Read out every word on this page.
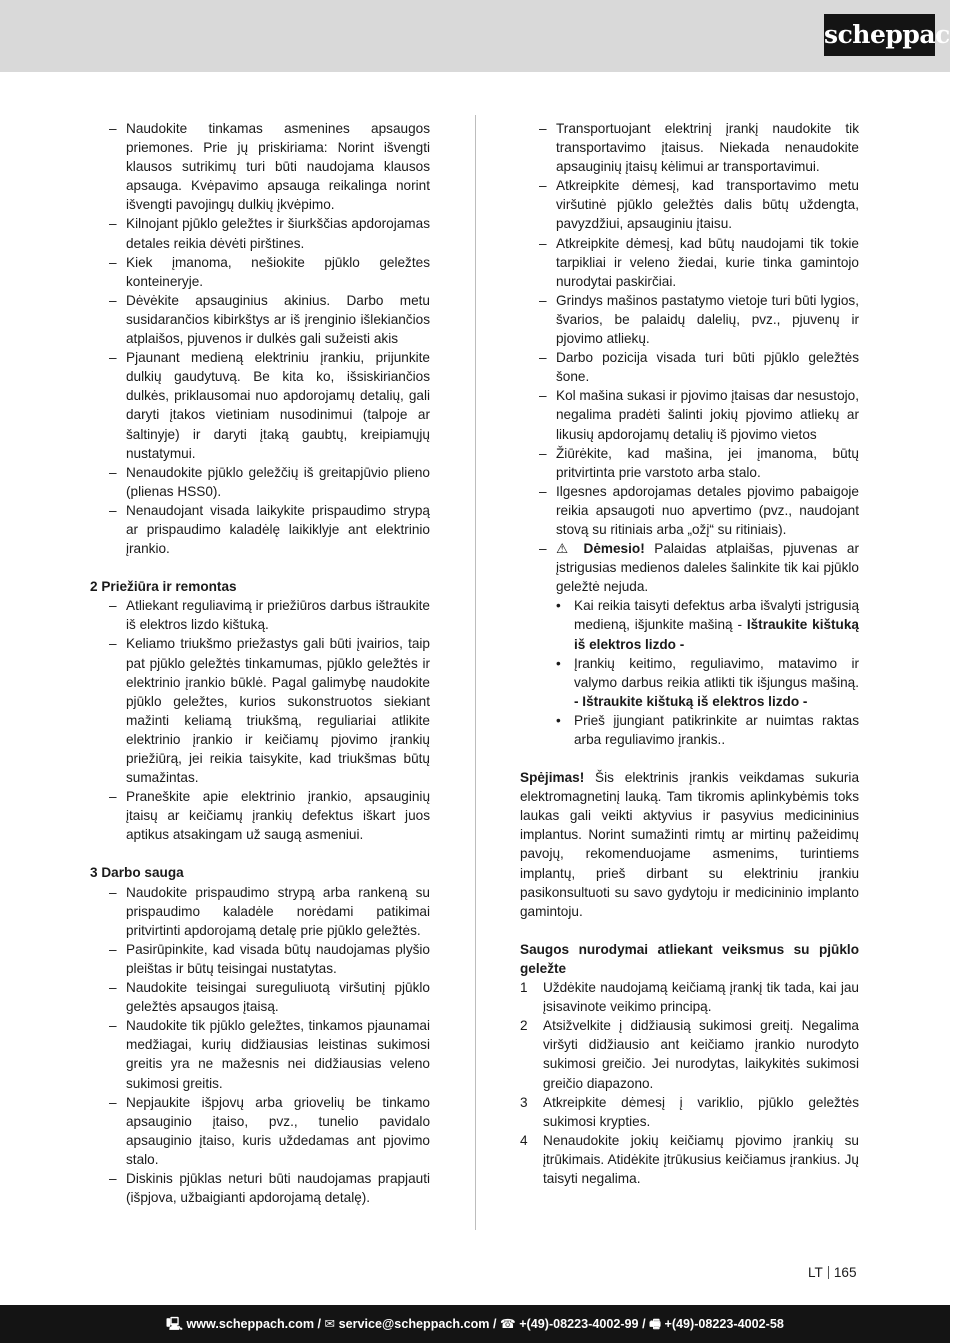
scheppach
– Naudokite tinkamas asmenines apsaugos priemones. Prie jų priskiriama: Norint išvengti klausos sutrikimų turi būti naudojama klausos apsauga. Kvėpavimo apsauga reikalinga norint išvengti pavojingų dulkių įkvėpimo.
– Kilnojant pjūklo geležtes ir šiurkščias apdorojamas detales reikia dėvėti pirštines.
– Kiek įmanoma, nešiokite pjūklo geležtes konteineryje.
– Dėvėkite apsauginius akinius. Darbo metu susidarančios kibirkštys ar iš įrenginio išlekiančios atplaišos, pjuvenos ir dulkės gali sužeisti akis
– Pjaunant medieną elektriniu įrankiu, prijunkite dulkių gaudytuvą. Be kita ko, išsiskiriančios dulkės, priklausomai nuo apdorojamų detalių, gali daryti įtakos vietiniam nusodinimui (talpoje ar šaltinyje) ir daryti įtaką gaubtų, kreipiamųjų nustatymui.
– Nenaudokite pjūklo geležčių iš greitapjūvio plieno (plienas HSS0).
– Nenaudojant visada laikykite prispaudimo strypą ar prispaudimo kaladėlę laikiklyje ant elektrinio įrankio.
2 Priežiūra ir remontas
– Atliekant reguliavimą ir priežiūros darbus ištraukite iš elektros lizdo kištuką.
– Keliamo triukšmo priežastys gali būti įvairios, taip pat pjūklo geležtės tinkamumas, pjūklo geležtės ir elektrinio įrankio būklė. Pagal galimybę naudokite pjūklo geležtes, kurios sukonstruotos siekiant mažinti keliamą triukšmą, reguliariai atlikite elektrinio įrankio ir keičiamų pjovimo įrankių priežiūrą, jei reikia taisykite, kad triukšmas būtų sumažintas.
– Praneškite apie elektrinio įrankio, apsauginių įtaisų ar keičiamų įrankių defektus iškart juos aptikus atsakingam už saugą asmeniui.
3 Darbo sauga
– Naudokite prispaudimo strypą arba rankeną su prispaudimo kaladėle norėdami patikimai pritvirtinti apdorojamą detalę prie pjūklo geležtės.
– Pasirūpinkite, kad visada būtų naudojamas plyšio pleištas ir būtų teisingai nustatytas.
– Naudokite teisingai sureguliuotą viršutinį pjūklo geležtės apsaugos įtaisą.
– Naudokite tik pjūklo geležtes, tinkamos pjaunamai medžiagai, kurių didžiausias leistinas sukimosi greitis yra ne mažesnis nei didžiausias veleno sukimosi greitis.
– Nepjaukite išpjovų arba griovelių be tinkamo apsauginio įtaiso, pvz., tunelio pavidalo apsauginio įtaiso, kuris uždedamas ant pjovimo stalo.
– Diskinis pjūklas neturi būti naudojamas prapjauti (išpjova, užbaigianti apdorojamą detalę).
– Transportuojant elektrinį įrankį naudokite tik transportavimo įtaisus. Niekada nenaudokite apsauginių įtaisų kėlimui ar transportavimui.
– Atkreipkite dėmesį, kad transportavimo metu viršutinė pjūklo geležtės dalis būtų uždengta, pavyzdžiui, apsauginiu įtaisu.
– Atkreipkite dėmesį, kad būtų naudojami tik tokie tarpikliai ir veleno žiedai, kurie tinka gamintojo nurodytai paskirčiai.
– Grindys mašinos pastatymo vietoje turi būti lygios, švarios, be palaidų dalelių, pvz., pjuvenų ir pjovimo atliekų.
– Darbo pozicija visada turi būti pjūklo geležtės šone.
– Kol mašina sukasi ir pjovimo įtaisas dar nesustojo, negalima pradėti šalinti jokių pjovimo atliekų ar likusių apdorojamų detalių iš pjovimo vietos
– Žiūrėkite, kad mašina, jei įmanoma, būtų pritvirtinta prie varstoto arba stalo.
– Ilgesnes apdorojamas detales pjovimo pabaigoje reikia apsaugoti nuo apvertimo (pvz., naudojant stovą su ritiniais arba „ožį“ su ritiniais).
– ⚠ Dėmesio! Palaidas atplaišas, pjuvenas ar įstrigusias medienos daleles šalinkite tik kai pjūklo geležtė nejuda.
• Kai reikia taisyti defektus arba išvalyti įstrigusią medieną, išjunkite mašiną - Ištraukite kištuką iš elektros lizdo -
• Įrankių keitimo, reguliavimo, matavimo ir valymo darbus reikia atlikti tik išjungus mašiną. - Ištraukite kištuką iš elektros lizdo -
• Prieš įjungiant patikrinkite ar nuimtas raktas arba reguliavimo įrankis..
Spėjimas! Šis elektrinis įrankis veikdamas sukuria elektromagnetinį lauką. Tam tikromis aplinkybėmis toks laukas gali veikti aktyvius ir pasyvius medicininius implantus. Norint sumažinti rimtų ar mirtinų pažeidimų pavojų, rekomenduojame asmenims, turintiems implantų, prieš dirbant su elektriniu įrankiu pasikonsultuoti su savo gydytoju ir medicininio implanto gamintoju.
Saugos nurodymai atliekant veiksmus su pjūklo geležte
1 Uždėkite naudojamą keičiamą įrankį tik tada, kai jau įsisavinote veikimo principą.
2 Atsižvelkite į didžiausią sukimosi greitį. Negalima viršyti didžiausio ant keičiamo įrankio nurodyto sukimosi greičio. Jei nurodytas, laikykitės sukimosi greičio diapazono.
3 Atkreipkite dėmesį į variklio, pjūklo geležtės sukimosi krypties.
4 Nenaudokite jokių keičiamų pjovimo įrankių su įtrūkimais. Atidėkite įtrūkusius keičiamus įrankius. Jų taisyti negalima.
LT 165
🖳 www.scheppach.com / ✉ service@scheppach.com / ☎ +(49)-08223-4002-99 / 🖷 +(49)-08223-4002-58
